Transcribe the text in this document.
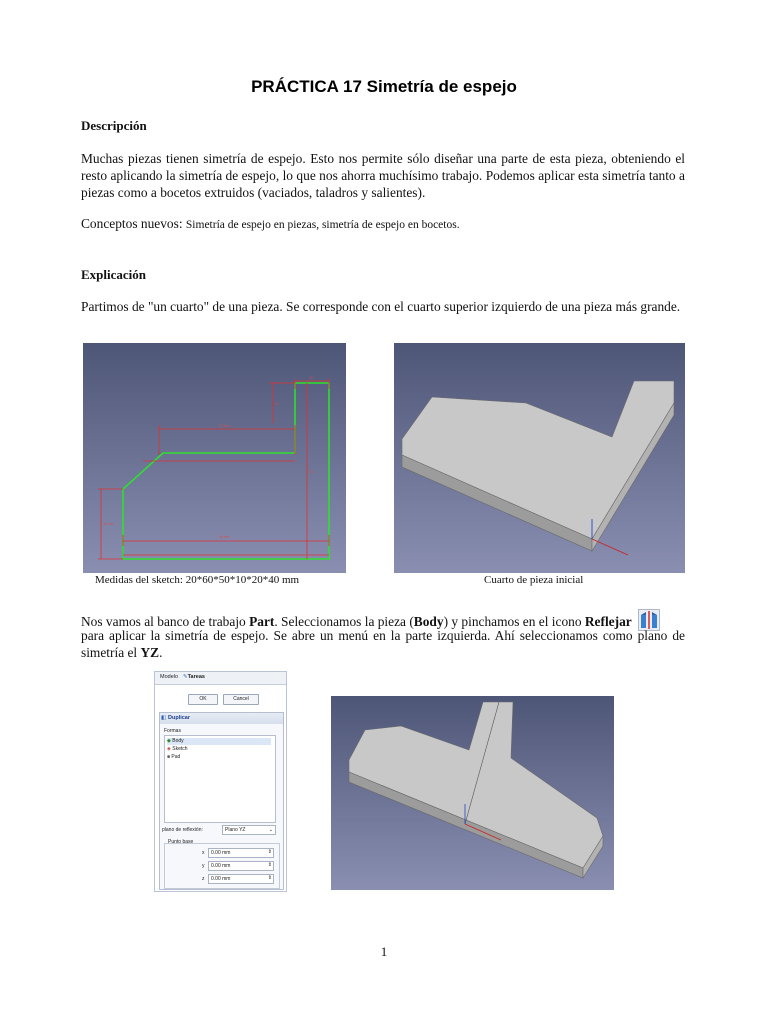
PRÁCTICA 17 Simetría de espejo
Descripción
Muchas piezas tienen simetría de espejo. Esto nos permite sólo diseñar una parte de esta pieza, obteniendo el resto aplicando la simetría de espejo, lo que nos ahorra muchísimo trabajo. Podemos aplicar esta simetría tanto a piezas como a bocetos extruidos (vaciados, taladros y salientes).
Conceptos nuevos: Simetría de espejo en piezas, simetría de espejo en bocetos.
Explicación
Partimos de "un cuarto" de una pieza. Se corresponde con el cuarto superior izquierdo de una pieza más grande.
40 mm
40 mm
50 mm
20
10
60
Medidas del sketch: 20*60*50*10*20*40 mm	Cuarto de pieza inicial
Nos vamos al banco de trabajo Part. Seleccionamos la pieza (Body) y pinchamos en el icono Reflejar
para aplicar la simetría de espejo. Se abre un menú en la parte izquierda. Ahí seleccionamos como plano de simetría el YZ.
Modelo ✎Tareas
OK	Cancel
◧ Duplicar
Formas
◆ Body
◈ Sketch
■ Pad
plano de reflexión:	Plano YZ	⌄
Punto base
x	0.00 mm	⇕
y	0.00 mm	⇕
z	0.00 mm	⇕
1
